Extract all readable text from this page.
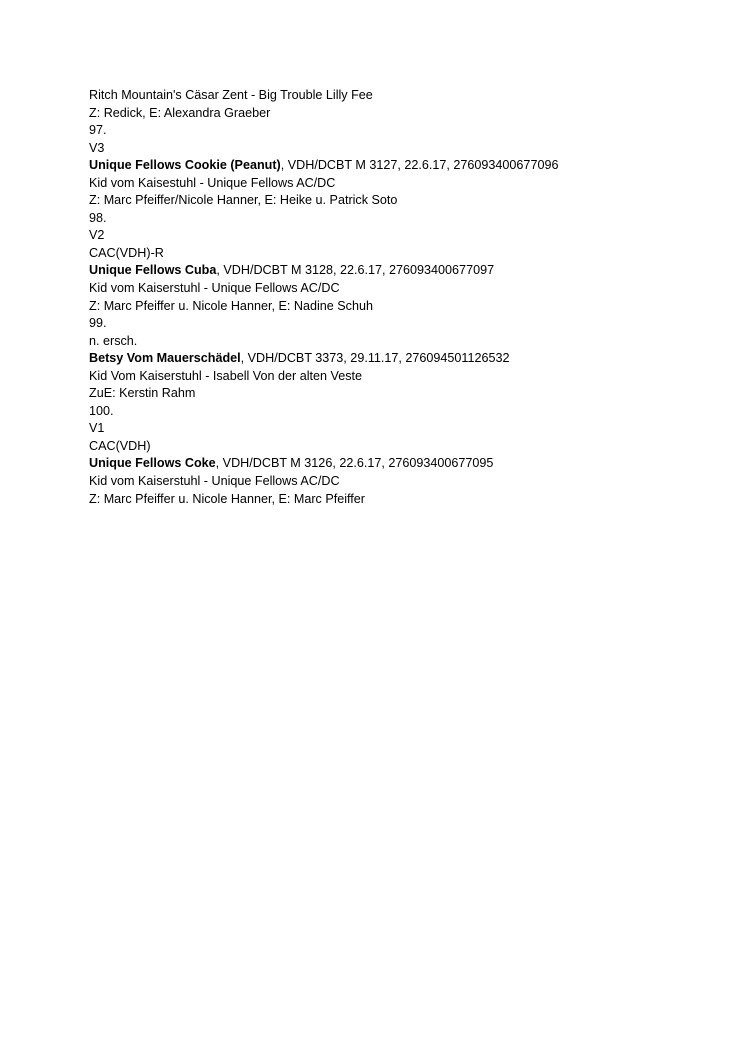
Ritch Mountain's Cäsar Zent - Big Trouble Lilly Fee
Z: Redick, E: Alexandra Graeber
97.
V3
Unique Fellows Cookie (Peanut), VDH/DCBT M 3127, 22.6.17, 276093400677096
Kid vom Kaisestuhl - Unique Fellows AC/DC
Z: Marc Pfeiffer/Nicole Hanner, E: Heike u. Patrick Soto
98.
V2
CAC(VDH)-R
Unique Fellows Cuba, VDH/DCBT M 3128, 22.6.17, 276093400677097
Kid vom Kaiserstuhl - Unique Fellows AC/DC
Z: Marc Pfeiffer u. Nicole Hanner, E: Nadine Schuh
99.
n. ersch.
Betsy Vom Mauerschädel, VDH/DCBT 3373, 29.11.17, 276094501126532
Kid Vom Kaiserstuhl - Isabell Von der alten Veste
ZuE: Kerstin Rahm
100.
V1
CAC(VDH)
Unique Fellows Coke, VDH/DCBT M 3126, 22.6.17, 276093400677095
Kid vom Kaiserstuhl - Unique Fellows AC/DC
Z: Marc Pfeiffer u. Nicole Hanner, E: Marc Pfeiffer
